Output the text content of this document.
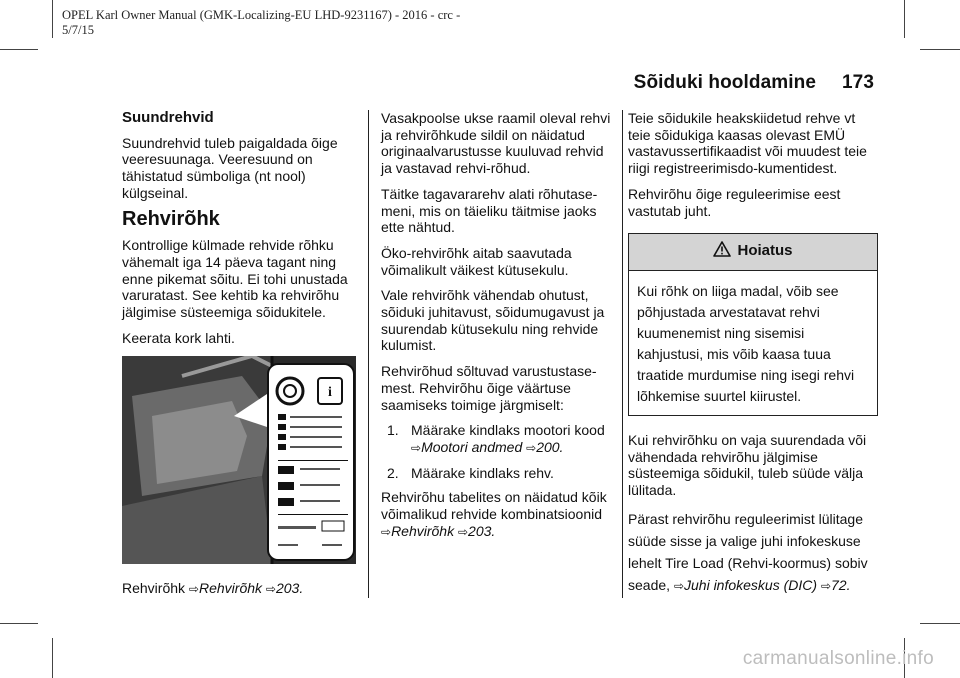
OPEL Karl Owner Manual (GMK-Localizing-EU LHD-9231167) - 2016 - crc -
5/7/15
Sõiduki hooldamine 173
Suundrehvid

Suundrehvid tuleb paigaldada õige veeresuunaga. Veeresuund on tähistatud sümboliga (nt nool) külgseinal.

Rehvirõhk

Kontrollige külmade rehvide rõhku vähemalt iga 14 päeva tagant ning enne pikemat sõitu. Ei tohi unustada varuratast. See kehtib ka rehvirõhu jälgimise süsteemiga sõidukitele.

Keerata kork lahti.

i

Rehvirõhk ⇨Rehvirõhk ⇨203.

Vasakpoolse ukse raamil oleval rehvi ja rehvirõhkude sildil on näidatud originaalvarustusse kuuluvad rehvid ja vastavad rehvi-rõhud.

Täitke tagavararehv alati rõhutase-meni, mis on täieliku täitmise jaoks ette nähtud.

Öko-rehvirõhk aitab saavutada võimalikult väikest kütusekulu.

Vale rehvirõhk vähendab ohutust, sõiduki juhitavust, sõidumugavust ja suurendab kütusekulu ning rehvide kulumist.

Rehvirõhud sõltuvad varustustase-mest. Rehvirõhu õige väärtuse saamiseks toimige järgmiselt:

1. Määrake kindlaks mootori kood
⇨Mootori andmed ⇨200.
2. Määrake kindlaks rehv.

Rehvirõhu tabelites on näidatud kõik võimalikud rehvide kombinatsioonid
⇨Rehvirõhk ⇨203.

Teie sõidukile heakskiidetud rehve vt teie sõidukiga kaasas olevast EMÜ vastavussertifikaadist või muudest teie riigi registreerimisdo-kumentidest.

Rehvirõhu õige reguleerimise eest vastutab juht.

Hoiatus
Kui rõhk on liiga madal, võib see põhjustada arvestatavat rehvi kuumenemist ning sisemisi kahjustusi, mis võib kaasa tuua traatide murdumise ning isegi rehvi lõhkemise suurtel kiirustel.

Kui rehvirõhku on vaja suurendada või vähendada rehvirõhu jälgimise süsteemiga sõidukil, tuleb süüde välja lülitada.

Pärast rehvirõhu reguleerimist lülitage süüde sisse ja valige juhi infokeskuse lehelt Tire Load (Rehvi-koormus) sobiv seade, ⇨Juhi infokeskus (DIC) ⇨72.

carmanualsonline.info
